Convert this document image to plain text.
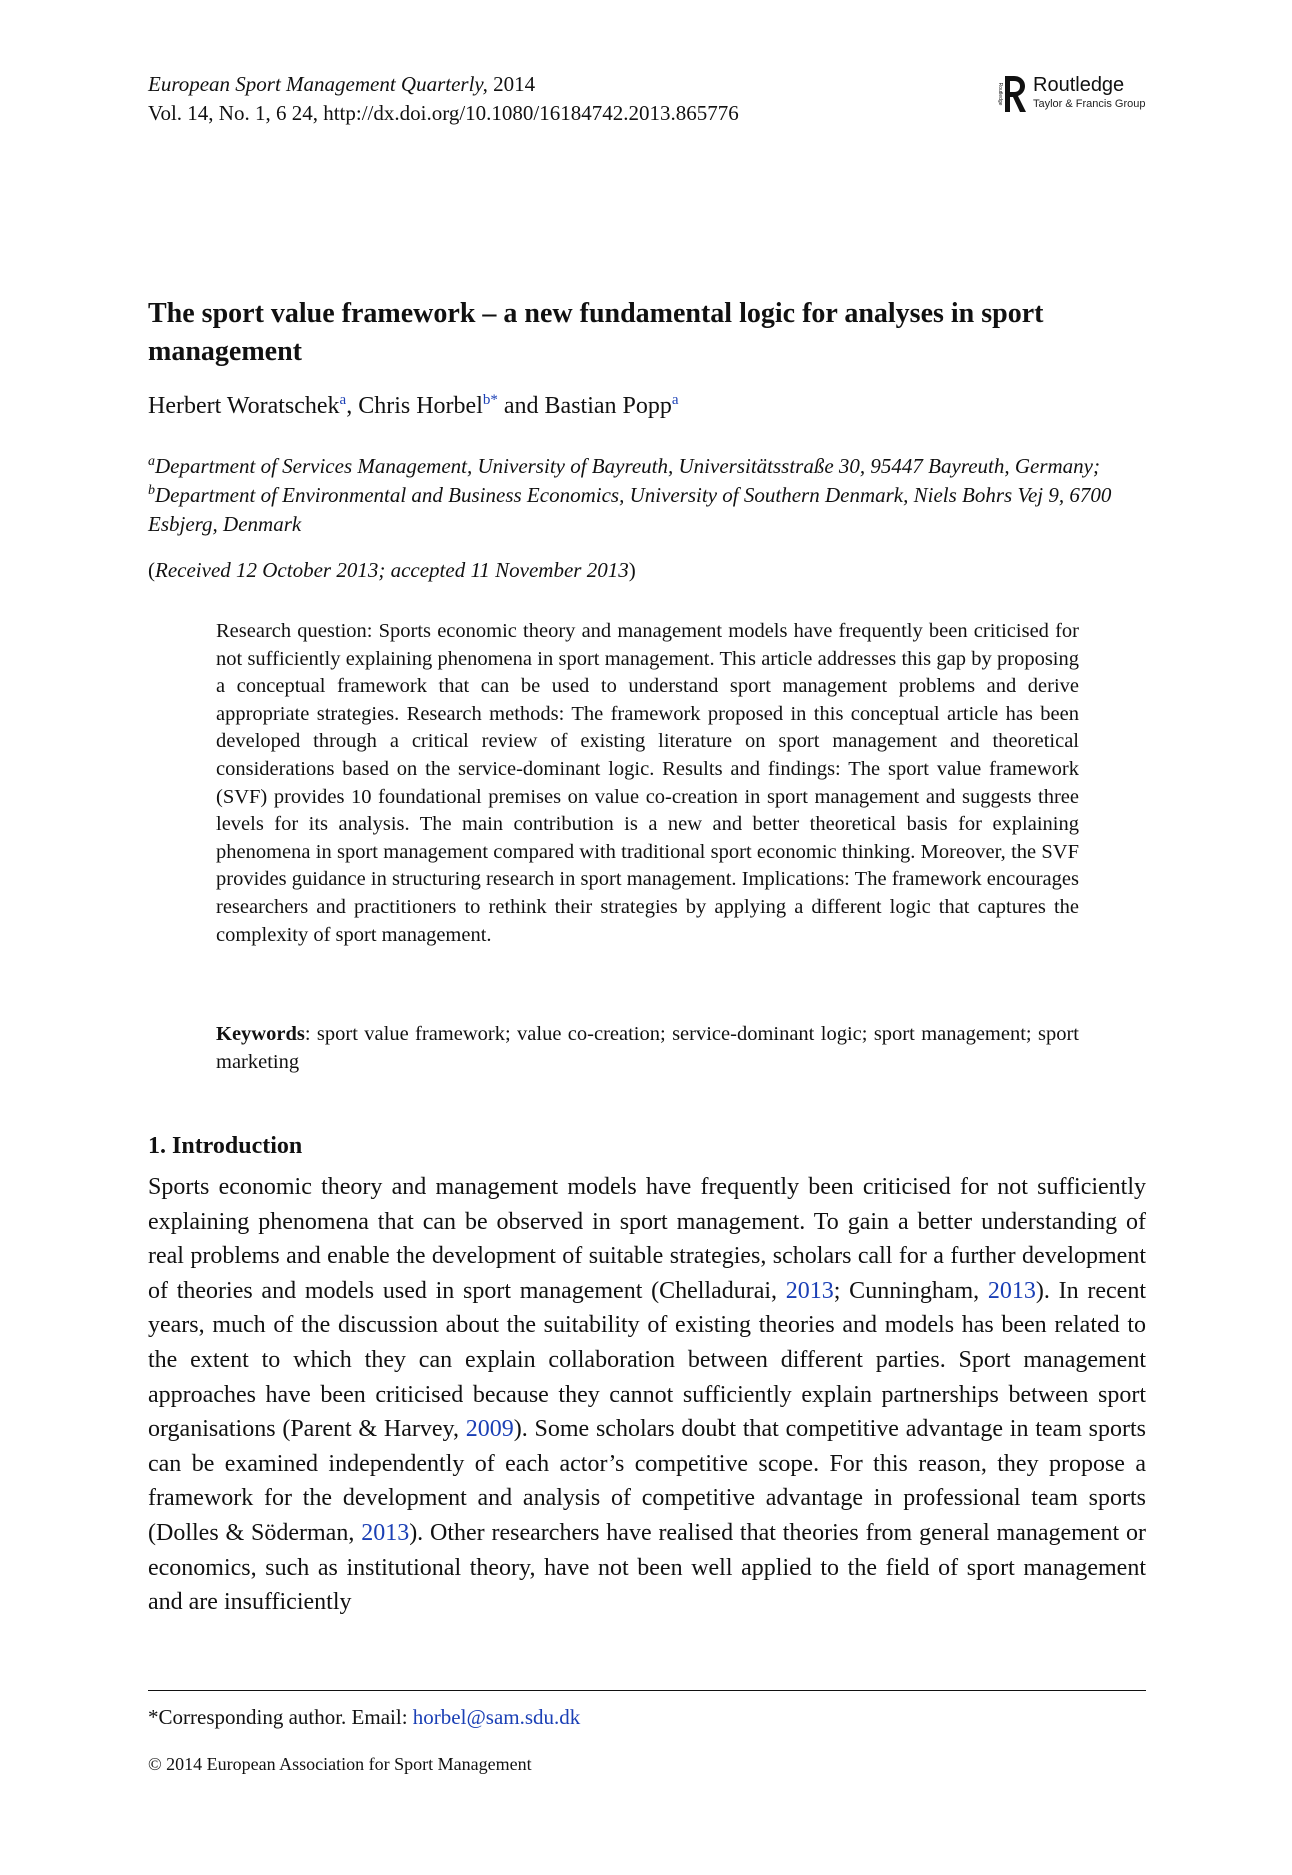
European Sport Management Quarterly, 2014
Vol. 14, No. 1, 6 24, http://dx.doi.org/10.1080/16184742.2013.865776
Routledge Routledge
Taylor & Francis Group
The sport value framework – a new fundamental logic for analyses in sport management
Herbert Woratschek$^a$, Chris Horbel$^{b*}$ and Bastian Popp$^a$
$^a$Department of Services Management, University of Bayreuth, Universitätsstraße 30, 95447 Bayreuth, Germany; $^b$Department of Environmental and Business Economics, University of Southern Denmark, Niels Bohrs Vej 9, 6700 Esbjerg, Denmark
(Received 12 October 2013; accepted 11 November 2013)
Research question: Sports economic theory and management models have frequently been criticised for not sufficiently explaining phenomena in sport management. This article addresses this gap by proposing a conceptual framework that can be used to understand sport management problems and derive appropriate strategies. Research methods: The framework proposed in this conceptual article has been developed through a critical review of existing literature on sport management and theoretical considerations based on the service-dominant logic. Results and findings: The sport value framework (SVF) provides 10 foundational premises on value co-creation in sport management and suggests three levels for its analysis. The main contribution is a new and better theoretical basis for explaining phenomena in sport management compared with traditional sport economic thinking. Moreover, the SVF provides guidance in structuring research in sport management. Implications: The framework encourages researchers and practitioners to rethink their strategies by applying a different logic that captures the complexity of sport management.
Keywords: sport value framework; value co-creation; service-dominant logic; sport management; sport marketing
1. Introduction
Sports economic theory and management models have frequently been criticised for not sufficiently explaining phenomena that can be observed in sport management. To gain a better understanding of real problems and enable the development of suitable strategies, scholars call for a further development of theories and models used in sport management (Chelladurai, 2013; Cunningham, 2013). In recent years, much of the discussion about the suitability of existing theories and models has been related to the extent to which they can explain collaboration between different parties. Sport management approaches have been criticised because they cannot sufficiently explain partnerships between sport organisations (Parent & Harvey, 2009). Some scholars doubt that competitive advantage in team sports can be examined independently of each actor’s competitive scope. For this reason, they propose a framework for the development and analysis of competitive advantage in professional team sports (Dolles & Söderman, 2013). Other researchers have realised that theories from general management or economics, such as institutional theory, have not been well applied to the field of sport management and are insufficiently
*Corresponding author. Email: horbel@sam.sdu.dk
© 2014 European Association for Sport Management
